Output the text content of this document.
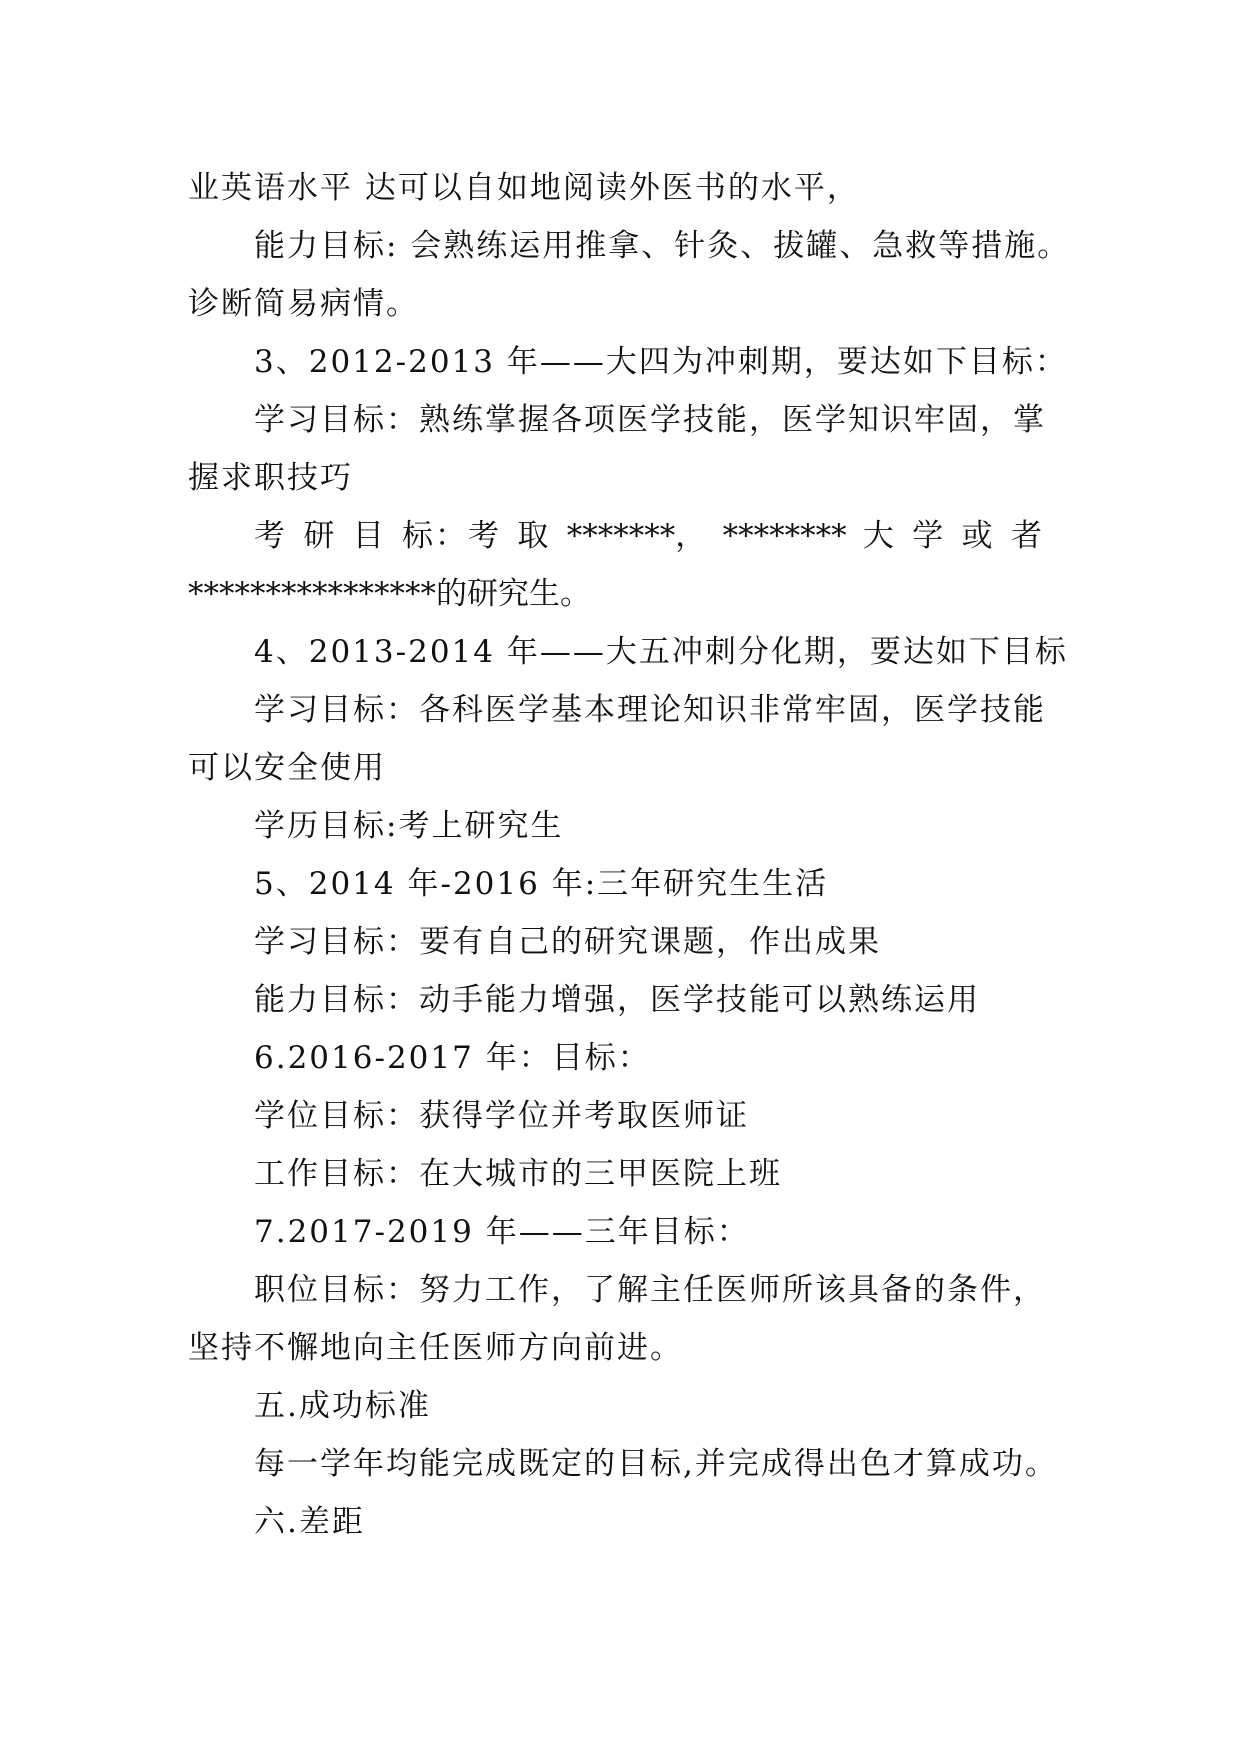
业英语水平 达可以自如地阅读外医书的水平，
能力目标: 会熟练运用推拿、针灸、拔罐、急救等措施。
诊断简易病情。
3、2012-2013 年——大四为冲刺期，要达如下目标：
学习目标：熟练掌握各项医学技能，医学知识牢固，掌
握求职技巧
考 研 目 标：考 取 *******， ******** 大 学 或 者
****************的研究生。
4、2013-2014 年——大五冲刺分化期，要达如下目标
学习目标：各科医学基本理论知识非常牢固，医学技能
可以安全使用
学历目标:考上研究生
5、2014 年-2016 年:三年研究生生活
学习目标：要有自己的研究课题，作出成果
能力目标：动手能力增强，医学技能可以熟练运用
6.2016-2017 年：目标：
学位目标：获得学位并考取医师证
工作目标：在大城市的三甲医院上班
7.2017-2019 年——三年目标：
职位目标：努力工作，了解主任医师所该具备的条件，
坚持不懈地向主任医师方向前进。
五.成功标准
每一学年均能完成既定的目标,并完成得出色才算成功。
六.差距
